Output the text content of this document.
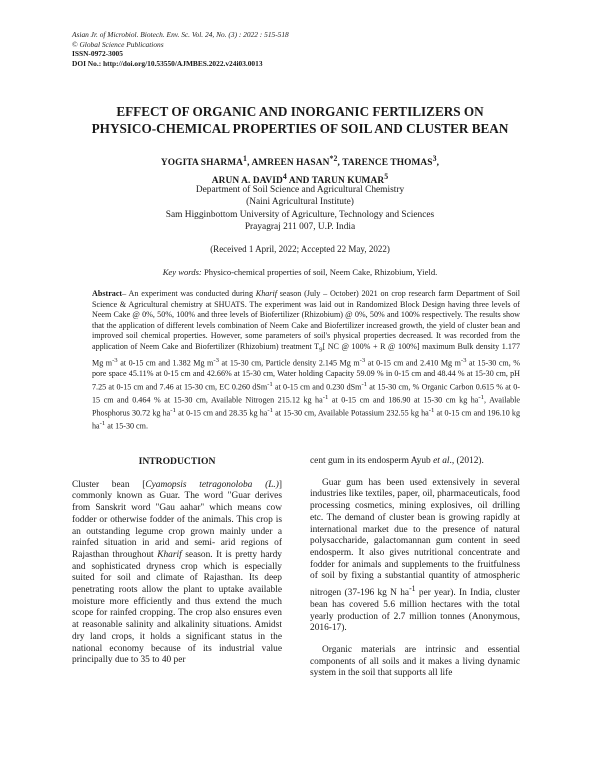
Asian Jr. of Microbiol. Biotech. Env. Sc. Vol. 24, No. (3) : 2022 : 515-518
© Global Science Publications
ISSN-0972-3005
DOI No.: http://doi.org/10.53550/AJMBES.2022.v24i03.0013
EFFECT OF ORGANIC AND INORGANIC FERTILIZERS ON
PHYSICO-CHEMICAL PROPERTIES OF SOIL AND CLUSTER BEAN
YOGITA SHARMA$^1$, AMREEN HASAN$^{*2}$, TARENCE THOMAS$^3$,
ARUN A. DAVID$^4$ AND TARUN KUMAR$^5$
Department of Soil Science and Agricultural Chemistry
(Naini Agricultural Institute)
Sam Higginbottom University of Agriculture, Technology and Sciences
Prayagraj 211 007, U.P. India
(Received 1 April, 2022; Accepted 22 May, 2022)
Key words: Physico-chemical properties of soil, Neem Cake, Rhizobium, Yield.
Abstract– An experiment was conducted during Kharif season (July – October) 2021 on crop research farm Department of Soil Science & Agricultural chemistry at SHUATS. The experiment was laid out in Randomized Block Design having three levels of Neem Cake @ 0%, 50%, 100% and three levels of Biofertilizer (Rhizobium) @ 0%, 50% and 100% respectively. The results show that the application of different levels combination of Neem Cake and Biofertilizer increased growth, the yield of cluster bean and improved soil chemical properties. However, some parameters of soil's physical properties decreased. It was recorded from the application of Neem Cake and Biofertilizer (Rhizobium) treatment $T_9$[ NC @ 100% + R @ 100%] maximum Bulk density 1.177 Mg $m^{-3}$ at 0-15 cm and 1.382 Mg $m^{-3}$ at 15-30 cm, Particle density 2.145 Mg $m^{-3}$ at 0-15 cm and 2.410 Mg $m^{-3}$ at 15-30 cm, % pore space 45.11% at 0-15 cm and 42.66% at 15-30 cm, Water holding Capacity 59.09 % in 0-15 cm and 48.44 % at 15-30 cm, pH 7.25 at 0-15 cm and 7.46 at 15-30 cm, EC 0.260 dSm$^{-1}$ at 0-15 cm and 0.230 dSm$^{-1}$ at 15-30 cm, % Organic Carbon 0.615 % at 0-15 cm and 0.464 % at 15-30 cm, Available Nitrogen 215.12 kg $ha^{-1}$ at 0-15 cm and 186.90 at 15-30 cm kg $ha^{-1}$, Available Phosphorus 30.72 kg $ha^{-1}$ at 0-15 cm and 28.35 kg $ha^{-1}$ at 15-30 cm, Available Potassium 232.55 kg $ha^{-1}$ at 0-15 cm and 196.10 kg $ha^{-1}$ at 15-30 cm.
INTRODUCTION

Cluster bean [Cyamopsis tetragonoloba (L.)] commonly known as Guar. The word "Guar derives from Sanskrit word "Gau aahar" which means cow fodder or otherwise fodder of the animals. This crop is an outstanding legume crop grown mainly under a rainfed situation in arid and semi- arid regions of Rajasthan throughout Kharif season. It is pretty hardy and sophisticated dryness crop which is especially suited for soil and climate of Rajasthan. Its deep penetrating roots allow the plant to uptake available moisture more efficiently and thus extend the much scope for rainfed cropping. The crop also ensures even at reasonable salinity and alkalinity situations. Amidst dry land crops, it holds a significant status in the national economy because of its industrial value principally due to 35 to 40 per

cent gum in its endosperm Ayub et al., (2012).

Guar gum has been used extensively in several industries like textiles, paper, oil, pharmaceuticals, food processing cosmetics, mining explosives, oil drilling etc. The demand of cluster bean is growing rapidly at international market due to the presence of natural polysaccharide, galactomannan gum content in seed endosperm. It also gives nutritional concentrate and fodder for animals and supplements to the fruitfulness of soil by fixing a substantial quantity of atmospheric nitrogen (37-196 kg N $ha^{-1}$ per year). In India, cluster bean has covered 5.6 million hectares with the total yearly production of 2.7 million tonnes (Anonymous, 2016-17).

Organic materials are intrinsic and essential components of all soils and it makes a living dynamic system in the soil that supports all life
